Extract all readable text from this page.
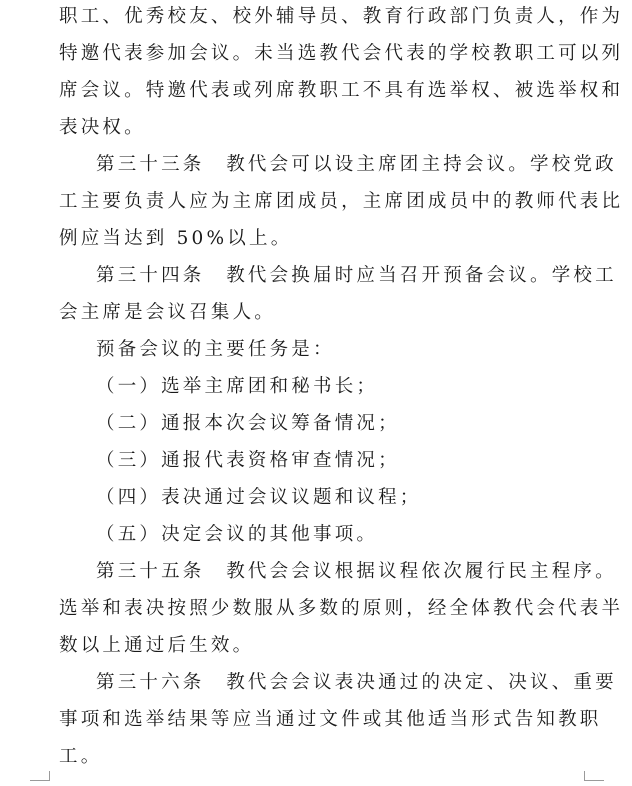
职工、优秀校友、校外辅导员、教育行政部门负责人，作为
特邀代表参加会议。未当选教代会代表的学校教职工可以列
席会议。特邀代表或列席教职工不具有选举权、被选举权和
表决权。
第三十三条　教代会可以设主席团主持会议。学校党政
工主要负责人应为主席团成员，主席团成员中的教师代表比
例应当达到 50%以上。
第三十四条　教代会换届时应当召开预备会议。学校工
会主席是会议召集人。
预备会议的主要任务是：
（一）选举主席团和秘书长；
（二）通报本次会议筹备情况；
（三）通报代表资格审查情况；
（四）表决通过会议议题和议程；
（五）决定会议的其他事项。
第三十五条　教代会会议根据议程依次履行民主程序。
选举和表决按照少数服从多数的原则，经全体教代会代表半
数以上通过后生效。
第三十六条　教代会会议表决通过的决定、决议、重要
事项和选举结果等应当通过文件或其他适当形式告知教职
工。
